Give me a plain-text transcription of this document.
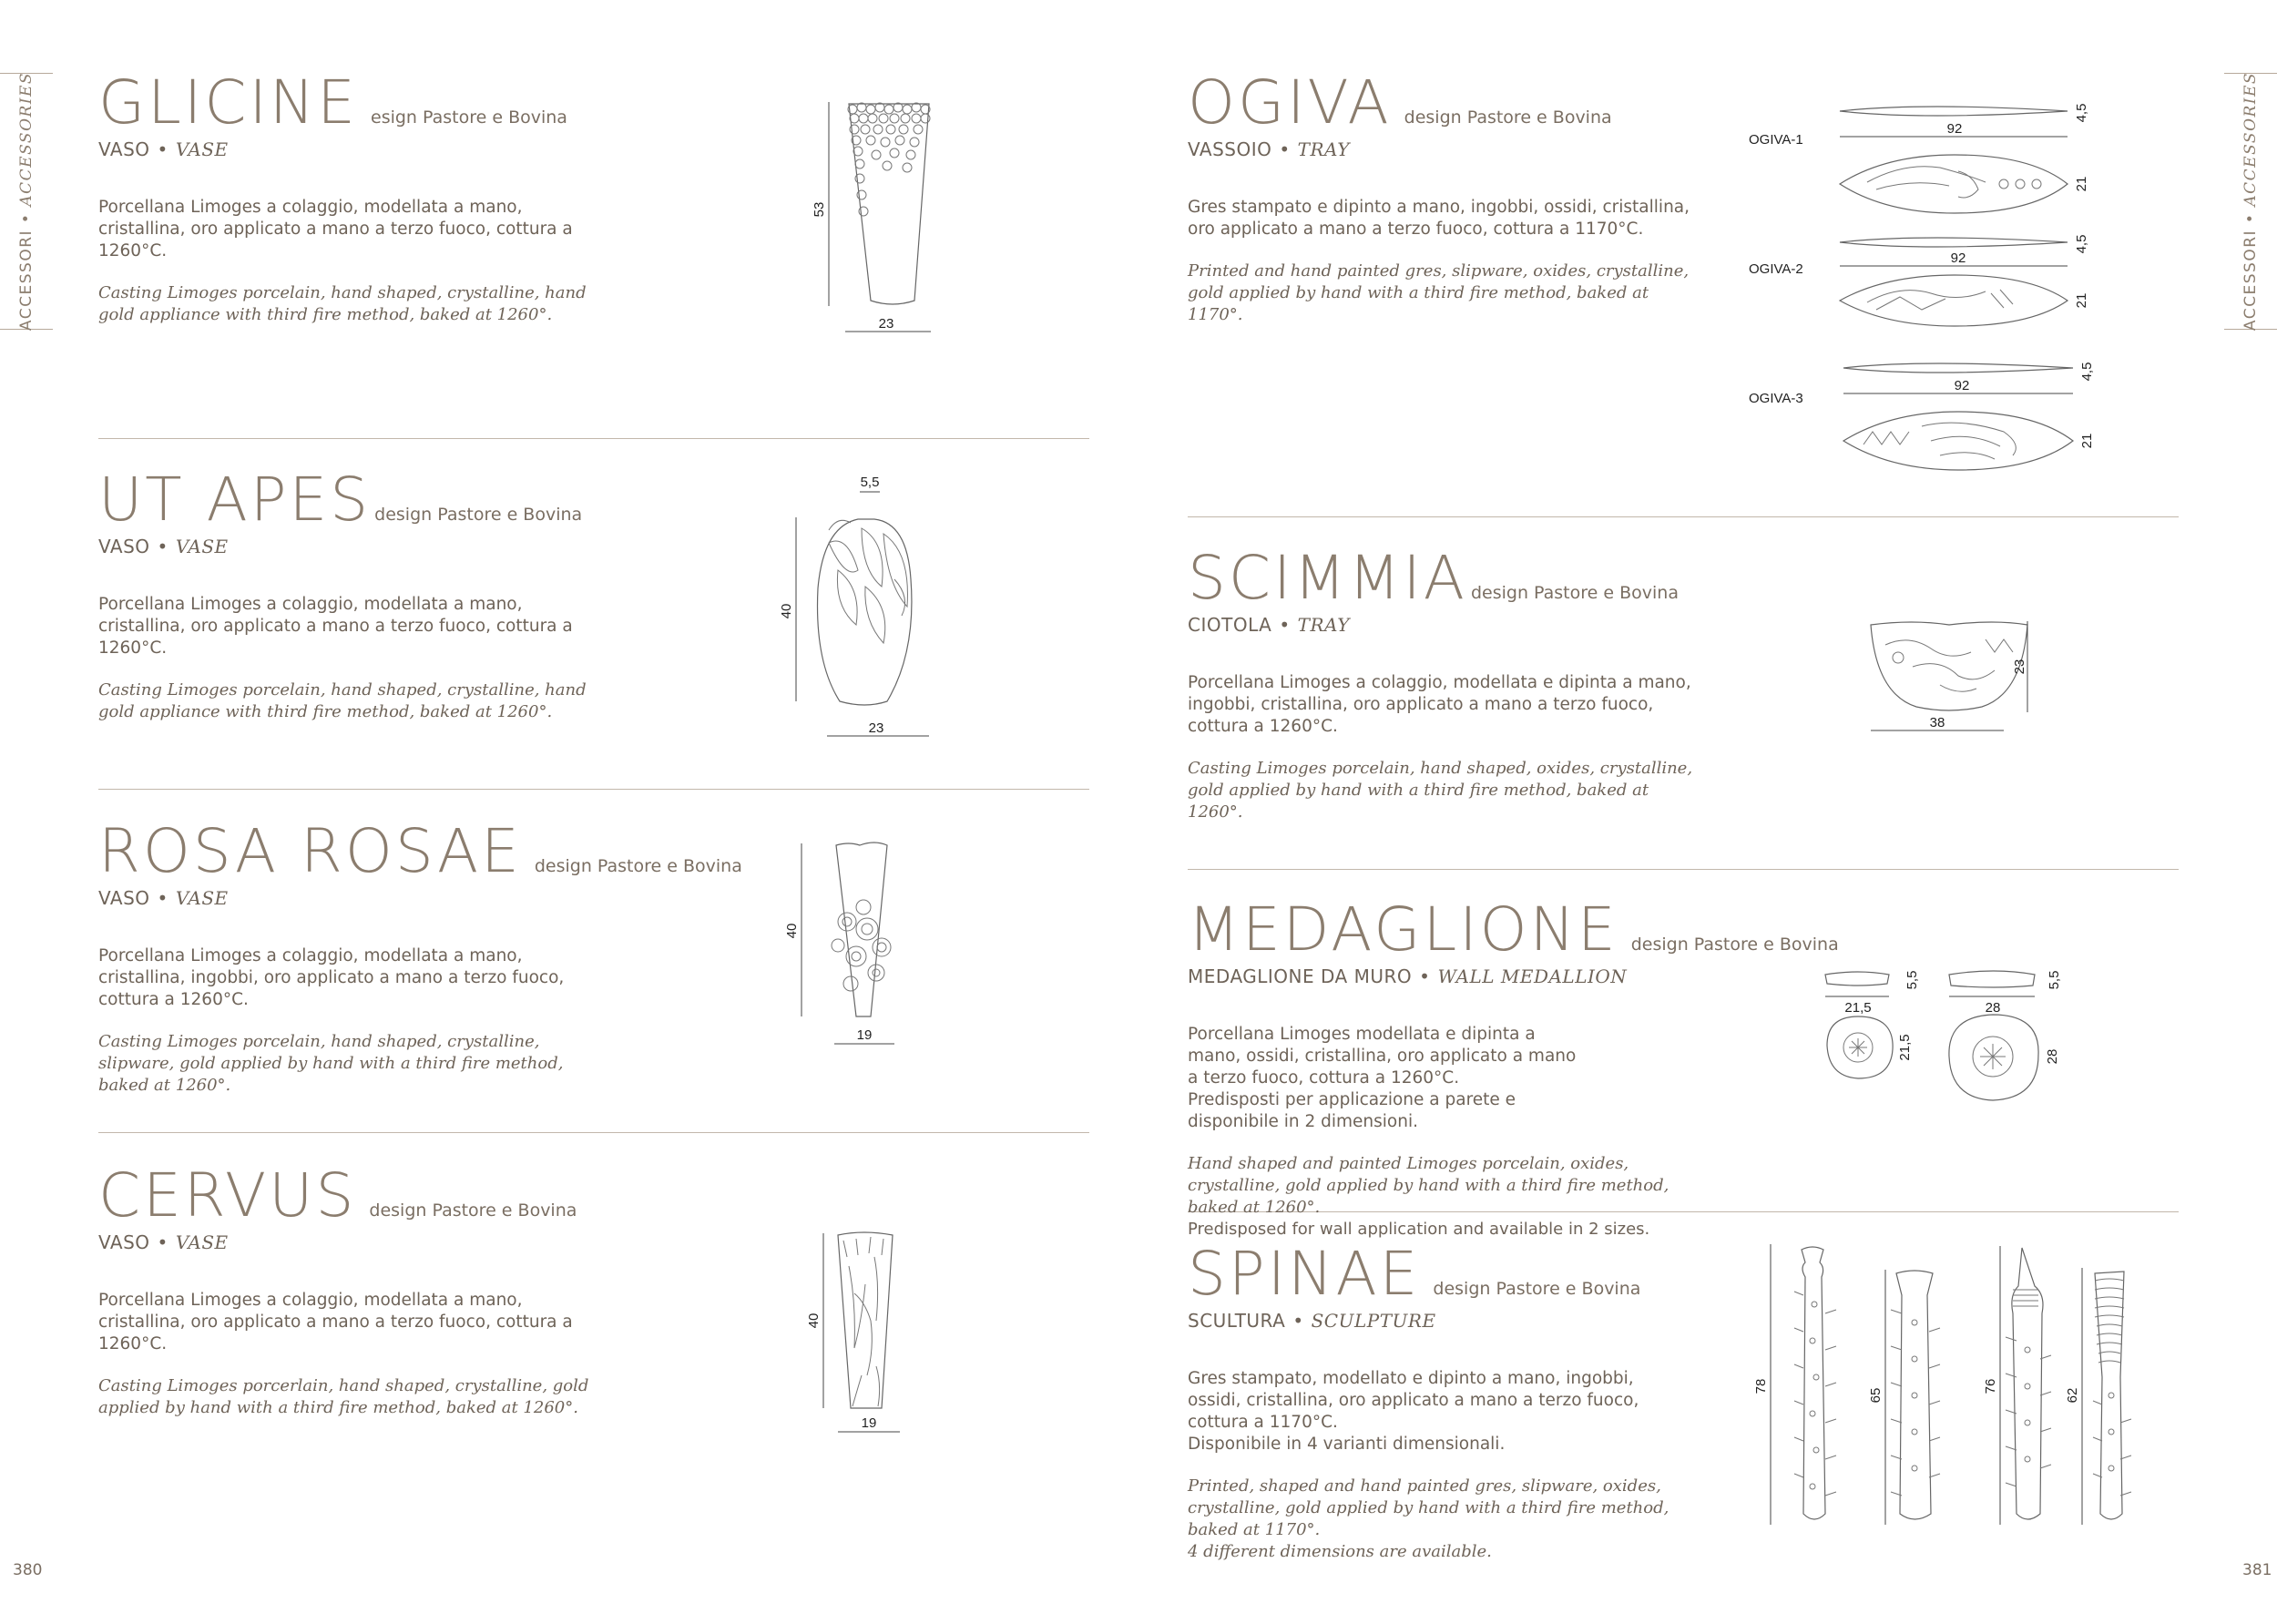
ACCESSORI • ACCESSORIES
ACCESSORI • ACCESSORIES
380	381
GLICINE esign Pastore e Bovina
VASO • VASE
Porcellana Limoges a colaggio, modellata a mano, cristallina, oro applicato a mano a terzo fuoco, cottura a 1260°C.
Casting Limoges porcelain, hand shaped, crystalline, hand gold appliance with third fire method, baked at 1260°.
53
23
UT APES design Pastore e Bovina
VASO • VASE
Porcellana Limoges a colaggio, modellata a mano, cristallina, oro applicato a mano a terzo fuoco, cottura a 1260°C.
Casting Limoges porcelain, hand shaped, crystalline, hand gold appliance with third fire method, baked at 1260°.
5,5
40
23
ROSA ROSAE design Pastore e Bovina
VASO • VASE
Porcellana Limoges a colaggio, modellata a mano, cristallina, ingobbi, oro applicato a mano a terzo fuoco, cottura a 1260°C.
Casting Limoges porcelain, hand shaped, crystalline, slipware, gold applied by hand with a third fire method, baked at 1260°.
40
19
CERVUS design Pastore e Bovina
VASO • VASE
Porcellana Limoges a colaggio, modellata a mano, cristallina, oro applicato a mano a terzo fuoco, cottura a 1260°C.
Casting Limoges porcerlain, hand shaped, crystalline, gold applied by hand with a third fire method, baked at 1260°.
40
19
OGIVA design Pastore e Bovina
VASSOIO • TRAY
Gres stampato e dipinto a mano, ingobbi, ossidi, cristallina, oro applicato a mano a terzo fuoco, cottura a 1170°C.
Printed and hand painted gres, slipware, oxides, crystalline, gold applied by hand with a third fire method, baked at 1170°.
OGIVA-1
92
4,5
21
OGIVA-2
92
4,5
21
OGIVA-3
92
4,5
21
SCIMMIA design Pastore e Bovina
CIOTOLA • TRAY
Porcellana Limoges a colaggio, modellata e dipinta a mano, ingobbi, cristallina, oro applicato a mano a terzo fuoco, cottura a 1260°C.
Casting Limoges porcelain, hand shaped, oxides, crystalline, gold applied by hand with a third fire method, baked at 1260°.
23
38
MEDAGLIONE design Pastore e Bovina
MEDAGLIONE DA MURO • WALL MEDALLION
Porcellana Limoges modellata e dipinta a mano, ossidi, cristallina, oro applicato a mano a terzo fuoco, cottura a 1260°C.
Predisposti per applicazione a parete e disponibile in 2 dimensioni.
Hand shaped and painted Limoges porcelain, oxides, crystalline, gold applied by hand with a third fire method, baked at 1260°.
Predisposed for wall application and available in 2 sizes.
5,5
21,5
21,5
5,5
28
28
SPINAE design Pastore e Bovina
SCULTURA • SCULPTURE
Gres stampato, modellato e dipinto a mano, ingobbi, ossidi, cristallina, oro applicato a mano a terzo fuoco, cottura a 1170°C.
Disponibile in 4 varianti dimensionali.
Printed, shaped and hand painted gres, slipware, oxides, crystalline, gold applied by hand with a third fire method, baked at 1170°.
4 different dimensions are available.
78
65
76
62
